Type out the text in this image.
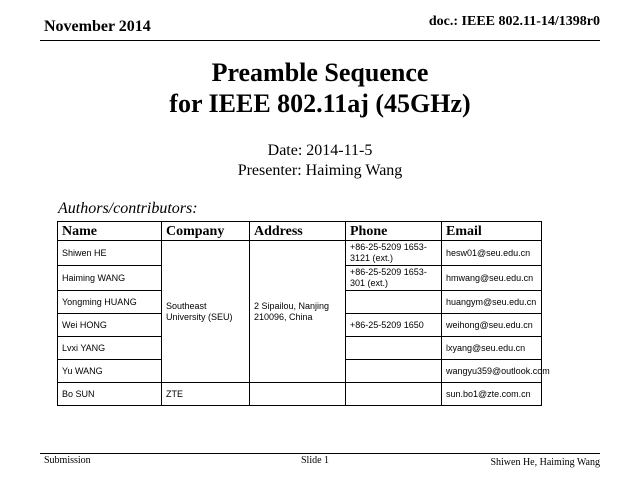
November 2014	doc.: IEEE 802.11-14/1398r0
Preamble Sequence
for IEEE 802.11aj (45GHz)
Date: 2014-11-5
Presenter: Haiming Wang
Authors/contributors:
Name	Company	Address	Phone	Email
Shiwen HE	Southeast University (SEU)	2 Sipailou, Nanjing 210096, China	+86-25-5209 1653-3121 (ext.)	hesw01@seu.edu.cn
Haiming WANG			+86-25-5209 1653-301 (ext.)	hmwang@seu.edu.cn
Yongming HUANG				huangym@seu.edu.cn
Wei HONG			+86-25-5209 1650	weihong@seu.edu.cn
Lvxi YANG				lxyang@seu.edu.cn
Yu WANG				wangyu359@outlook.com
Bo SUN	ZTE			sun.bo1@zte.com.cn
Submission	Slide 1	Shiwen He, Haiming Wang
